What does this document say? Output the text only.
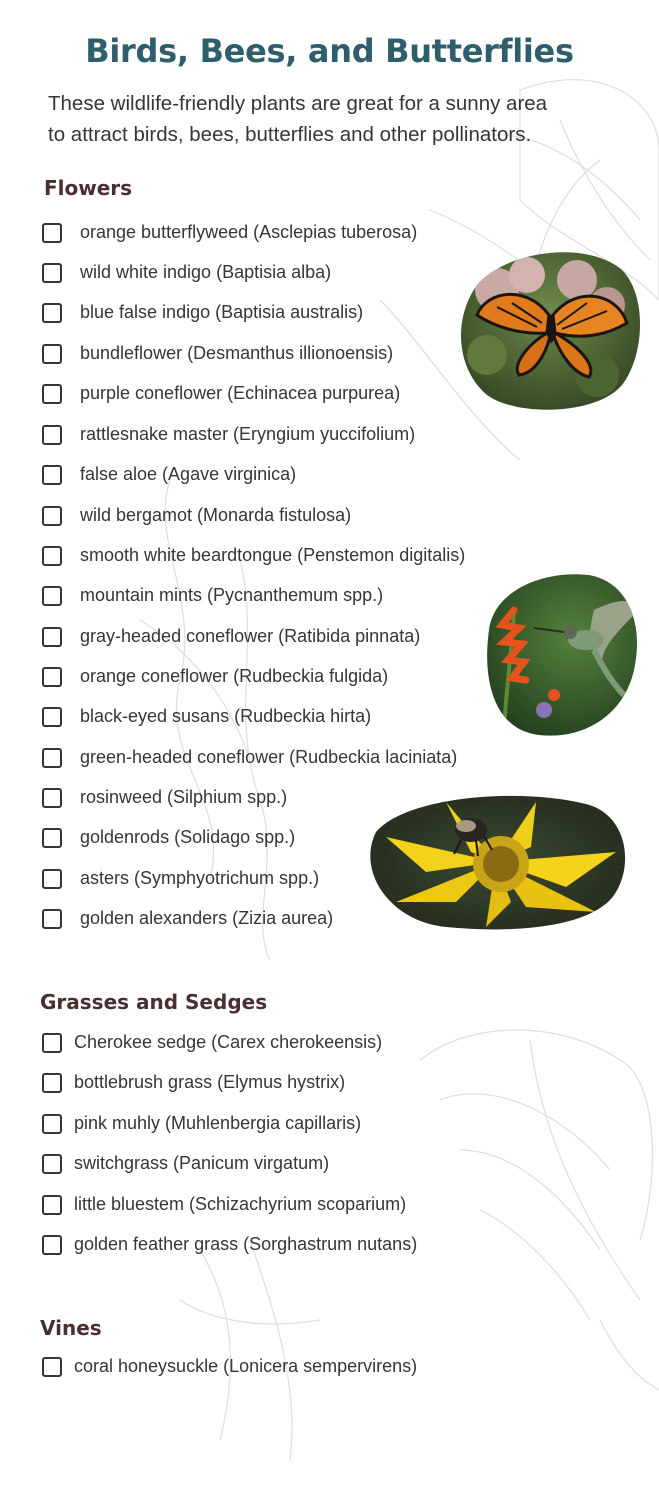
Birds, Bees, and Butterflies
These wildlife-friendly plants are great for a sunny area
to attract birds, bees, butterflies and other pollinators.
Flowers
orange butterflyweed (Asclepias tuberosa)
wild white indigo (Baptisia alba)
blue false indigo (Baptisia australis)
bundleflower (Desmanthus illionoensis)
purple coneflower (Echinacea purpurea)
rattlesnake master (Eryngium yuccifolium)
false aloe (Agave virginica)
wild bergamot (Monarda fistulosa)
smooth white beardtongue (Penstemon digitalis)
mountain mints (Pycnanthemum spp.)
gray-headed coneflower (Ratibida pinnata)
orange coneflower (Rudbeckia fulgida)
black-eyed susans (Rudbeckia hirta)
green-headed coneflower (Rudbeckia laciniata)
rosinweed (Silphium spp.)
goldenrods (Solidago spp.)
asters (Symphyotrichum spp.)
golden alexanders (Zizia aurea)
Grasses and Sedges
Cherokee sedge (Carex cherokeensis)
bottlebrush grass (Elymus hystrix)
pink muhly (Muhlenbergia capillaris)
switchgrass (Panicum virgatum)
little bluestem (Schizachyrium scoparium)
golden feather grass (Sorghastrum nutans)
Vines
coral honeysuckle (Lonicera sempervirens)
